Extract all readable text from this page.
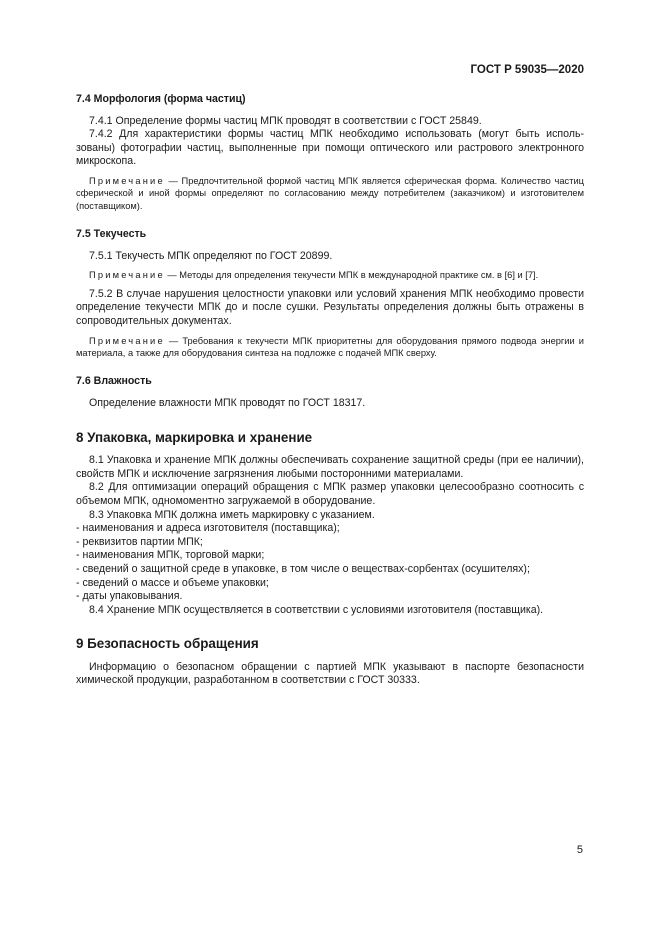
ГОСТ Р 59035—2020
7.4 Морфология (форма частиц)

7.4.1 Определение формы частиц МПК проводят в соответствии с ГОСТ 25849.

7.4.2 Для характеристики формы частиц МПК необходимо использовать (могут быть исполь-зованы) фотографии частиц, выполненные при помощи оптического или растрового электронного микроскопа.

Примечание — Предпочтительной формой частиц МПК является сферическая форма. Количество частиц сферической и иной формы определяют по согласованию между потребителем (заказчиком) и изготовителем (поставщиком).

7.5 Текучесть

7.5.1 Текучесть МПК определяют по ГОСТ 20899.

Примечание — Методы для определения текучести МПК в международной практике см. в [6] и [7].

7.5.2 В случае нарушения целостности упаковки или условий хранения МПК необходимо провести определение текучести МПК до и после сушки. Результаты определения должны быть отражены в сопроводительных документах.

Примечание — Требования к текучести МПК приоритетны для оборудования прямого подвода энергии и материала, а также для оборудования синтеза на подложке с подачей МПК сверху.

7.6 Влажность

Определение влажности МПК проводят по ГОСТ 18317.

8 Упаковка, маркировка и хранение

8.1 Упаковка и хранение МПК должны обеспечивать сохранение защитной среды (при ее наличии), свойств МПК и исключение загрязнения любыми посторонними материалами.

8.2 Для оптимизации операций обращения с МПК размер упаковки целесообразно соотносить с объемом МПК, одномоментно загружаемой в оборудование.

8.3 Упаковка МПК должна иметь маркировку с указанием.

- наименования и адреса изготовителя (поставщика);
- реквизитов партии МПК;
- наименования МПК, торговой марки;
- сведений о защитной среде в упаковке, в том числе о веществах-сорбентах (осушителях);
- сведений о массе и объеме упаковки;
- даты упаковывания.

8.4 Хранение МПК осуществляется в соответствии с условиями изготовителя (поставщика).

9 Безопасность обращения

Информацию о безопасном обращении с партией МПК указывают в паспорте безопасности химической продукции, разработанном в соответствии с ГОСТ 30333.

5
